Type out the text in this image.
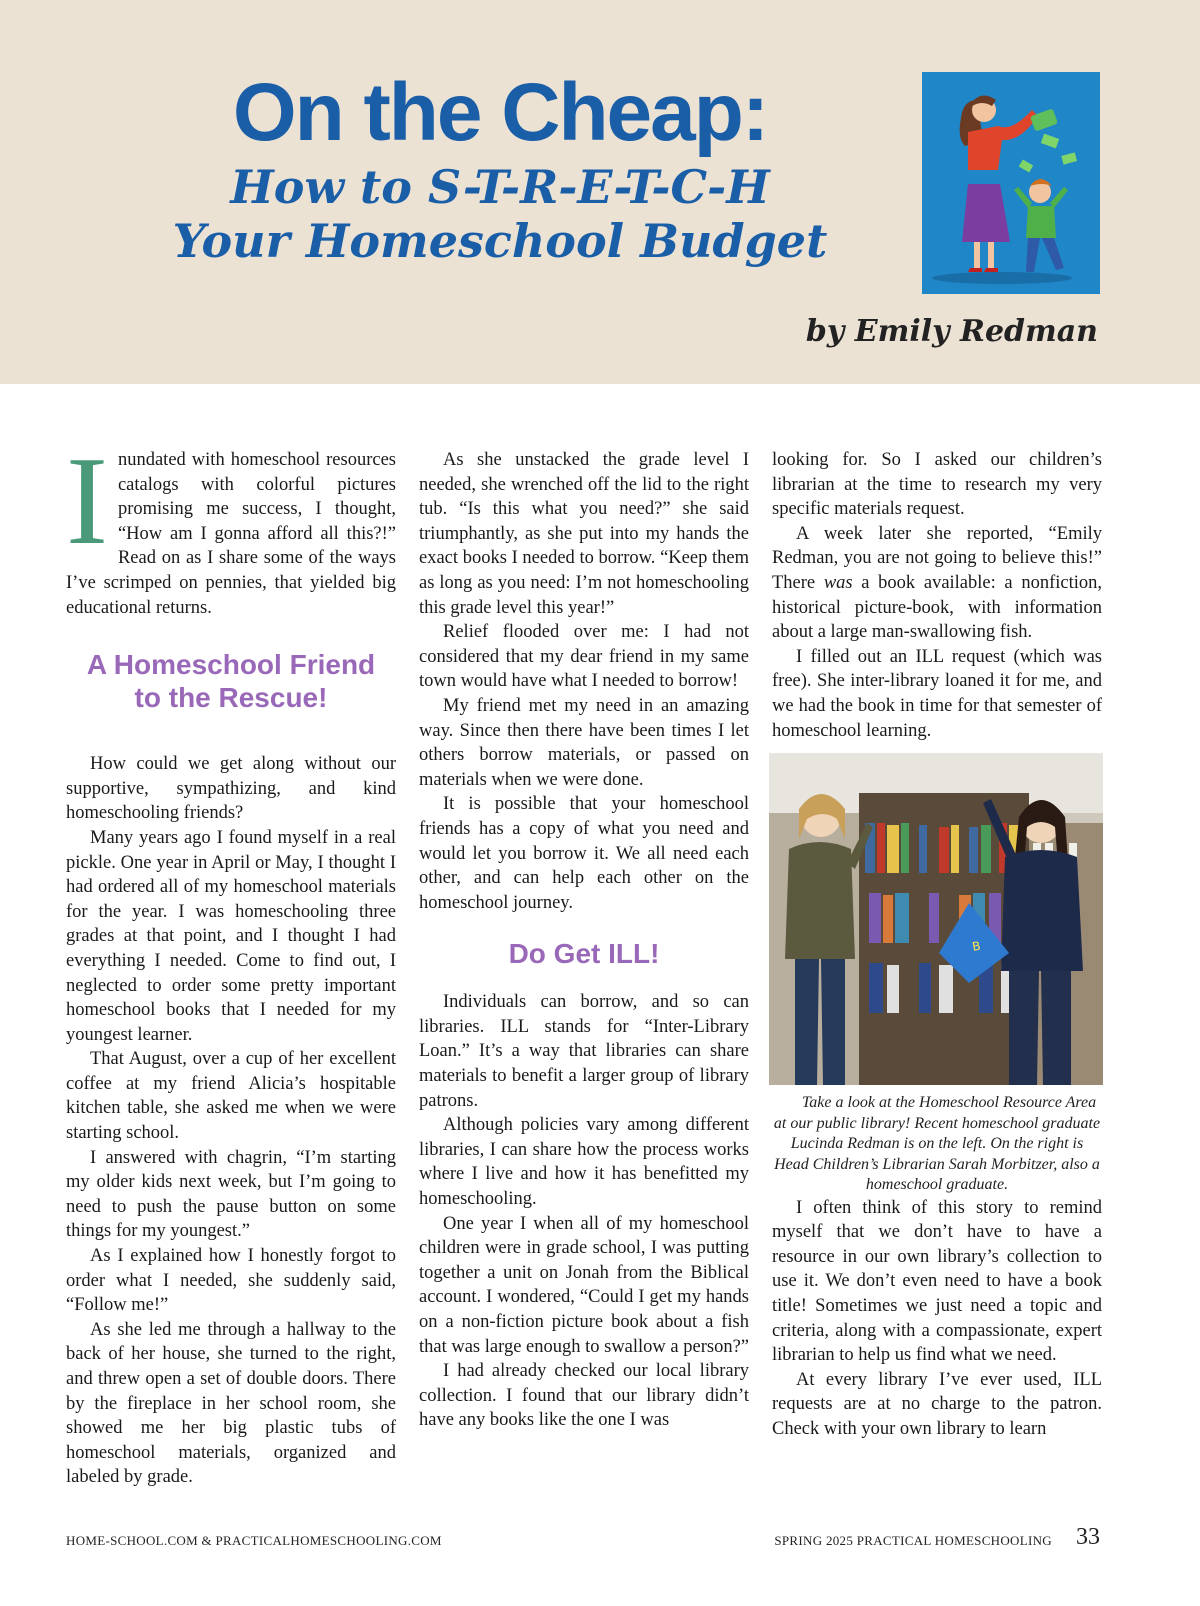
On the Cheap:
How to S-T-R-E-T-C-H
Your Homeschool Budget
by Emily Redman

Inundated with homeschool resources catalogs with colorful pictures promising me success, I thought, “How am I gonna afford all this?!” Read on as I share some of the ways I’ve scrimped on pennies, that yielded big educational returns.

A Homeschool Friend
to the Rescue!

How could we get along without our supportive, sympathizing, and kind homeschooling friends?

Many years ago I found myself in a real pickle. One year in April or May, I thought I had ordered all of my homeschool materials for the year. I was homeschooling three grades at that point, and I thought I had everything I needed. Come to find out, I neglected to order some pretty important homeschool books that I needed for my youngest learner.

That August, over a cup of her excellent coffee at my friend Alicia’s hospitable kitchen table, she asked me when we were starting school.

I answered with chagrin, “I’m starting my older kids next week, but I’m going to need to push the pause button on some things for my youngest.”

As I explained how I honestly forgot to order what I needed, she suddenly said, “Follow me!”

As she led me through a hallway to the back of her house, she turned to the right, and threw open a set of double doors. There by the fireplace in her school room, she showed me her big plastic tubs of homeschool materials, organized and labeled by grade.

As she unstacked the grade level I needed, she wrenched off the lid to the right tub. “Is this what you need?” she said triumphantly, as she put into my hands the exact books I needed to borrow. “Keep them as long as you need: I’m not homeschooling this grade level this year!”

Relief flooded over me: I had not considered that my dear friend in my same town would have what I needed to borrow!

My friend met my need in an amazing way. Since then there have been times I let others borrow materials, or passed on materials when we were done.

It is possible that your homeschool friends has a copy of what you need and would let you borrow it. We all need each other, and can help each other on the homeschool journey.

Do Get ILL!

Individuals can borrow, and so can libraries. ILL stands for “Inter-Library Loan.” It’s a way that libraries can share materials to benefit a larger group of library patrons.

Although policies vary among different libraries, I can share how the process works where I live and how it has benefitted my homeschooling.

One year I when all of my homeschool children were in grade school, I was putting together a unit on Jonah from the Biblical account. I wondered, “Could I get my hands on a non-fiction picture book about a fish that was large enough to swallow a person?”

I had already checked our local library collection. I found that our library didn’t have any books like the one I was

looking for. So I asked our children’s librarian at the time to research my very specific materials request.

A week later she reported, “Emily Redman, you are not going to believe this!” There was a book available: a nonfiction, historical picture-book, with information about a large man-swallowing fish.

I filled out an ILL request (which was free). She inter-library loaned it for me, and we had the book in time for that semester of homeschool learning.

B

Take a look at the Homeschool Resource Area at our public library! Recent homeschool graduate Lucinda Redman is on the left. On the right is Head Children’s Librarian Sarah Morbitzer, also a homeschool graduate.

I often think of this story to remind myself that we don’t have to have a resource in our own library’s collection to use it. We don’t even need to have a book title! Sometimes we just need a topic and criteria, along with a compassionate, expert librarian to help us find what we need.

At every library I’ve ever used, ILL requests are at no charge to the patron. Check with your own library to learn

HOME-SCHOOL.COM & PRACTICALHOMESCHOOLING.COM	SPRING 2025 PRACTICAL HOMESCHOOLING 33
